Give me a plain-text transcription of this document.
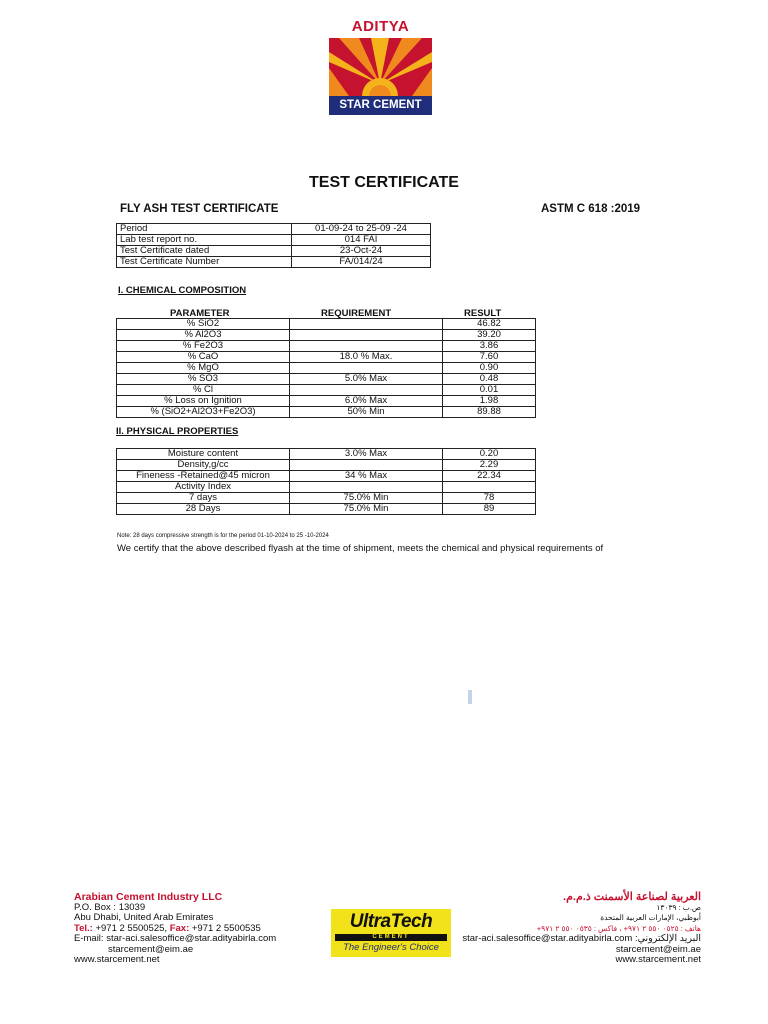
ADITYA
STAR CEMENT
TEST CERTIFICATE
FLY ASH TEST CERTIFICATE	ASTM C 618 :2019
Period	01-09-24 to 25-09 -24
Lab test report no.	014 FAI
Test Certificate dated	23-Oct-24
Test Certificate Number	FA/014/24
I. CHEMICAL COMPOSITION
PARAMETER	REQUIREMENT	RESULT
% SiO2		46.82
% Al2O3		39.20
% Fe2O3		3.86
% CaO	18.0 % Max.	7.60
% MgO		0.90
% SO3	5.0% Max	0.48
% Cl		0.01
% Loss on Ignition	6.0% Max	1.98
% (SiO2+Al2O3+Fe2O3)	50% Min	89.88
II. PHYSICAL PROPERTIES
Moisture content	3.0% Max	0.20
Density,g/cc		2.29
Fineness -Retained@45 micron	34 % Max	22.34
Activity Index		
7 days	75.0% Min	78
28 Days	75.0% Min	89
Note: 28 days compressive strength is for the period 01-10-2024 to 25 -10-2024
We certify that the above described flyash at the time of shipment, meets the chemical and physical requirements of
Arabian Cement Industry LLC
P.O. Box : 13039
Abu Dhabi, United Arab Emirates
Tel.: +971 2 5500525, Fax: +971 2 5500535
E-mail: star-aci.salesoffice@star.adityabirla.com
starcement@eim.ae
www.starcement.net
UltraTech
CEMENT
The Engineer's Choice
العربية لصناعة الأسمنت ذ.م.م.
ص.ب : ١٣٠٣٩
أبوظبي، الإمارات العربية المتحدة
هاتف : ٠٥٢٥ ٥٥٠ ٢ ٩٧١+ ، فاكس : ٠٥٣٥ ٥٥٠ ٢ ٩٧١+
star-aci.salesoffice@star.adityabirla.com :البريد الإلكتروني
starcement@eim.ae
www.starcement.net
